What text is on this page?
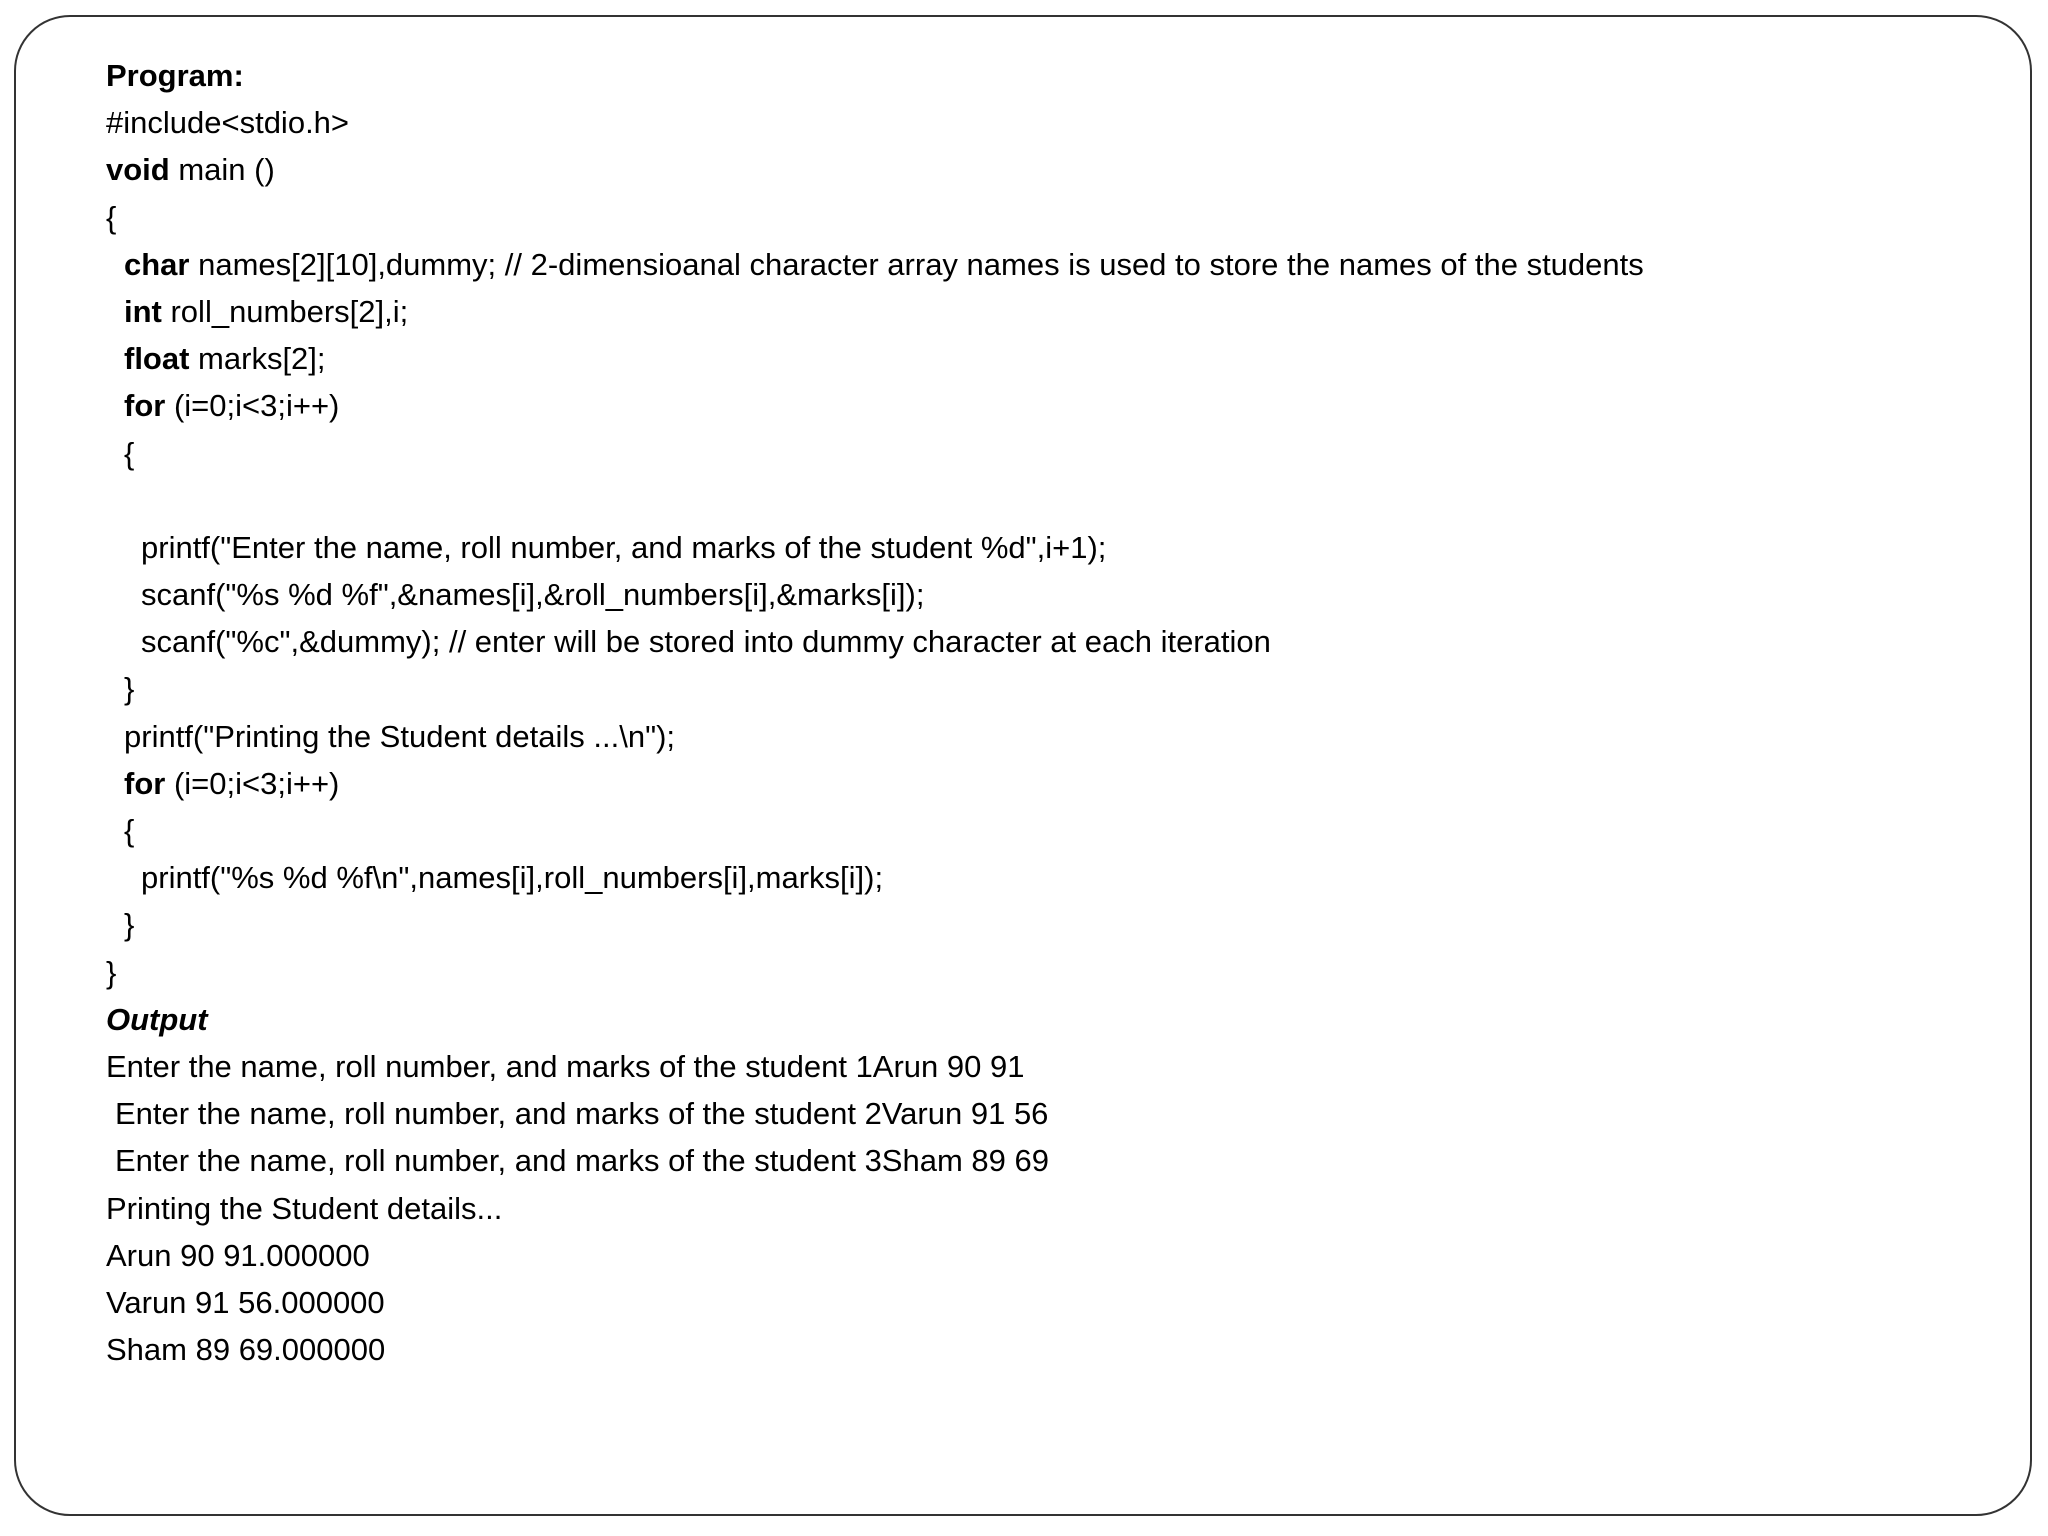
Program:
#include<stdio.h>
void main ()
{
char names[2][10],dummy; // 2-dimensioanal character array names is used to store the names of the students
int roll_numbers[2],i;
float marks[2];
for (i=0;i<3;i++)
{
printf("Enter the name, roll number, and marks of the student %d",i+1);
scanf("%s %d %f",&names[i],&roll_numbers[i],&marks[i]);
scanf("%c",&dummy); // enter will be stored into dummy character at each iteration
}
printf("Printing the Student details ...\n");
for (i=0;i<3;i++)
{
printf("%s %d %f\n",names[i],roll_numbers[i],marks[i]);
}
}
Output
Enter the name, roll number, and marks of the student 1Arun 90 91
Enter the name, roll number, and marks of the student 2Varun 91 56
Enter the name, roll number, and marks of the student 3Sham 89 69
Printing the Student details...
Arun 90 91.000000
Varun 91 56.000000
Sham 89 69.000000
